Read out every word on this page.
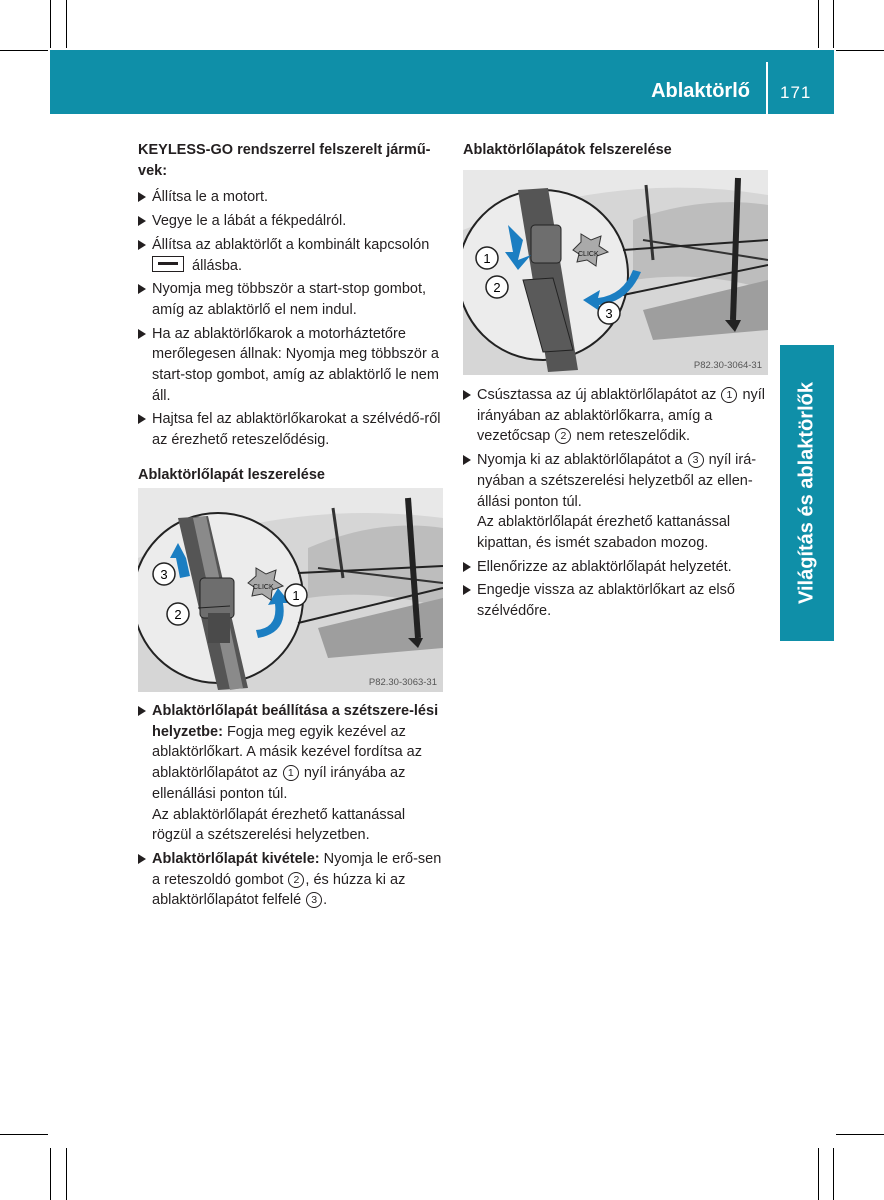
Ablaktörlő 171
Világítás és ablaktörlők

KEYLESS-GO rendszerrel felszerelt jármű-vek:

Állítsa le a motort.
Vegye le a lábát a fékpedálról.
Állítsa az ablaktörlőt a kombinált kapcsolón
állásba.
Nyomja meg többször a start-stop gombot, amíg az ablaktörlő el nem indul.
Ha az ablaktörlőkarok a motorháztetőre merőlegesen állnak: Nyomja meg többször a start-stop gombot, amíg az ablaktörlő le nem áll.
Hajtsa fel az ablaktörlőkarokat a szélvédő-ről az érezhető reteszelődésig.

Ablaktörlőlapát leszerelése

CLICK
3
2
1
P82.30-3063-31
Ablaktörlőlapát beállítása a szétszere-lési helyzetbe: Fogja meg egyik kezével az ablaktörlőkart. A másik kezével fordítsa az ablaktörlőlapátot az 1 nyíl irányába az ellenállási ponton túl.
Az ablaktörlőlapát érezhető kattanással rögzül a szétszerelési helyzetben.
Ablaktörlőlapát kivétele: Nyomja le erő-sen a reteszoldó gombot 2 , és húzza ki az ablaktörlőlapátot felfelé 3 .

Ablaktörlőlapátok felszerelése

CLICK
1
2
3
P82.30-3064-31
Csúsztassa az új ablaktörlőlapátot az 1 nyíl irányában az ablaktörlőkarra, amíg a vezetőcsap 2 nem reteszelődik.
Nyomja ki az ablaktörlőlapátot a 3 nyíl irá-nyában a szétszerelési helyzetből az ellen-állási ponton túl.
Az ablaktörlőlapát érezhető kattanással kipattan, és ismét szabadon mozog.
Ellenőrizze az ablaktörlőlapát helyzetét.
Engedje vissza az ablaktörlőkart az első szélvédőre.
